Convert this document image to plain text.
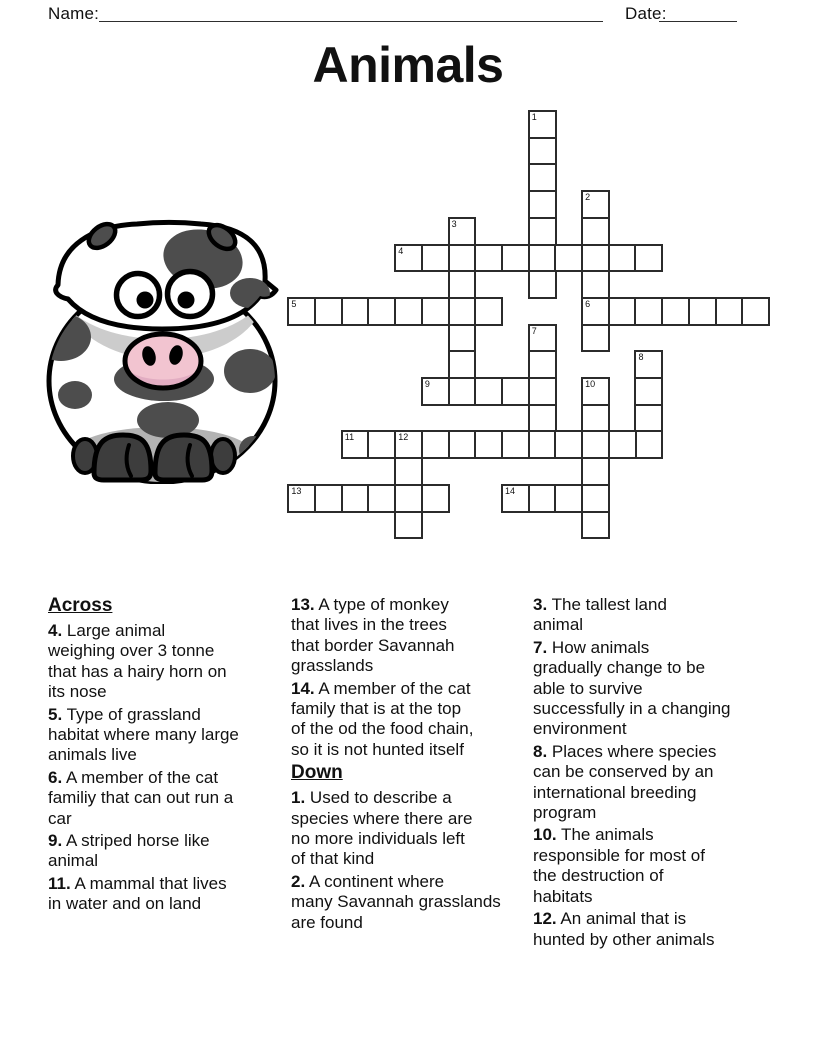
Name:	Date:
Animals
1
2
6
3
4
5
7
8
9	10
11	12
13	14
Across
4. Large animal
weighing over 3 tonne
that has a hairy horn on
its nose
5. Type of grassland
habitat where many large
animals live
6. A member of the cat
familiy that can out run a
car
9. A striped horse like
animal
11. A mammal that lives
in water and on land
13. A type of monkey
that lives in the trees
that border Savannah
grasslands
14. A member of the cat
family that is at the top
of the od the food chain,
so it is not hunted itself
Down
1. Used to describe a
species where there are
no more individuals left
of that kind
2. A continent where
many Savannah grasslands
are found
3. The tallest land
animal
7. How animals
gradually change to be
able to survive
successfully in a changing
environment
8. Places where species
can be conserved by an
international breeding
program
10. The animals
responsible for most of
the destruction of
habitats
12. An animal that is
hunted by other animals
